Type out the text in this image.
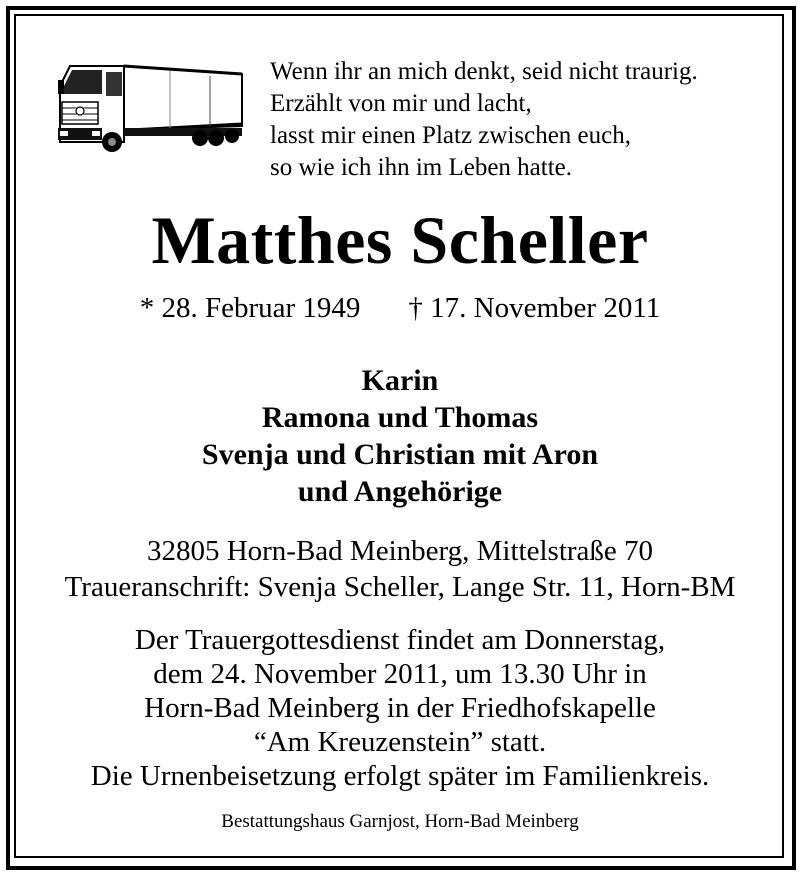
Wenn ihr an mich denkt, seid nicht traurig.
Erzählt von mir und lacht,
lasst mir einen Platz zwischen euch,
so wie ich ihn im Leben hatte.
Matthes Scheller
* 28. Februar 1949 † 17. November 2011
Karin
Ramona und Thomas
Svenja und Christian mit Aron
und Angehörige
32805 Horn-Bad Meinberg, Mittelstraße 70
Traueranschrift: Svenja Scheller, Lange Str. 11, Horn-BM
Der Trauergottesdienst findet am Donnerstag,
dem 24. November 2011, um 13.30 Uhr in
Horn-Bad Meinberg in der Friedhofskapelle
“Am Kreuzenstein” statt.
Die Urnenbeisetzung erfolgt später im Familienkreis.
Bestattungshaus Garnjost, Horn-Bad Meinberg
